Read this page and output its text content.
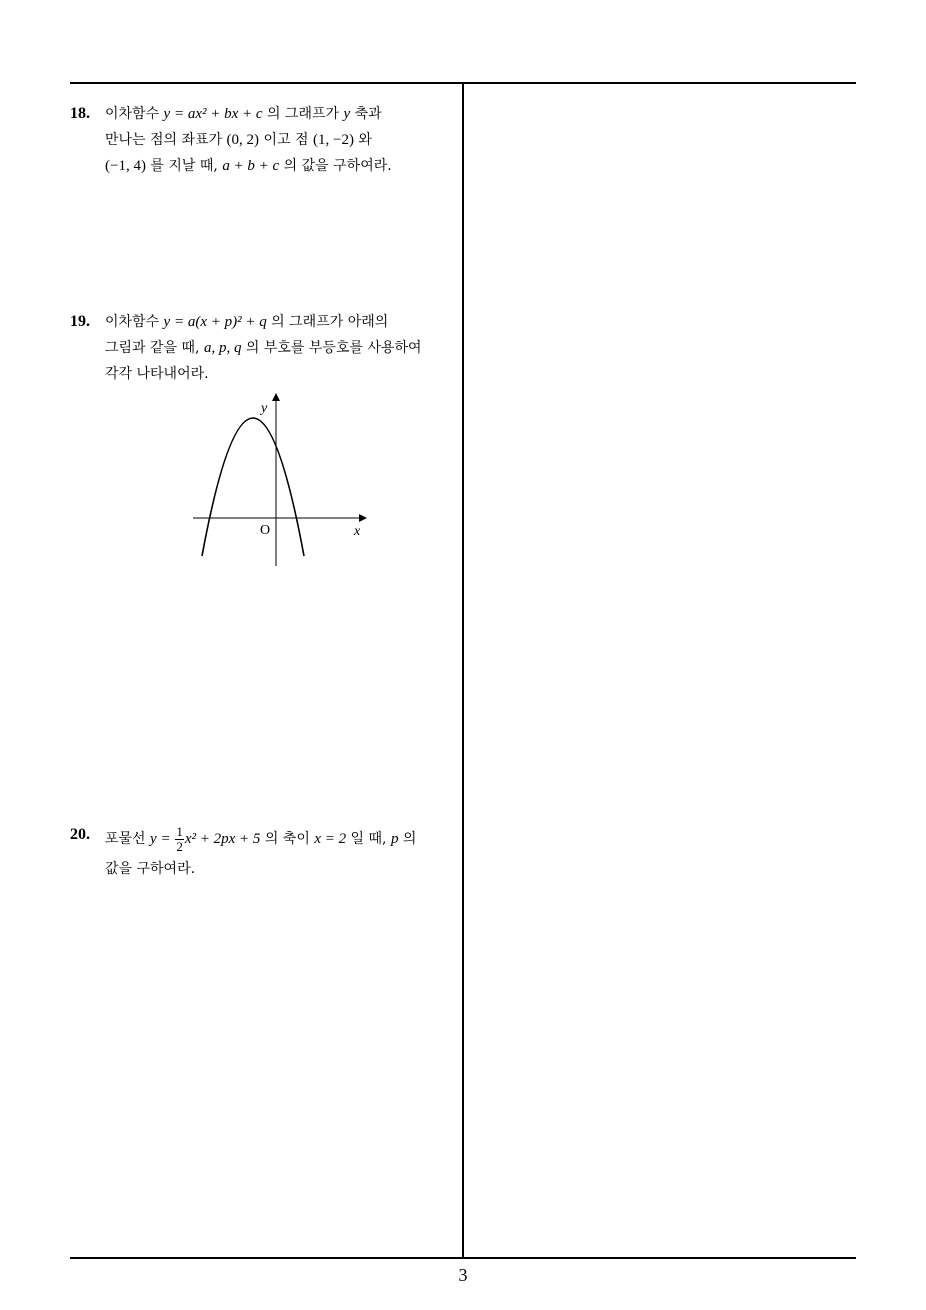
18. 이차함수 y = ax² + bx + c 의 그래프가 y 축과
만나는 점의 좌표가 (0, 2) 이고 점 (1, −2) 와
(−1, 4) 를 지날 때, a + b + c 의 값을 구하여라.
19. 이차함수 y = a(x + p)² + q 의 그래프가 아래의
그림과 같을 때, a, p, q 의 부호를 부등호를 사용하여
각각 나타내어라.
y
x
O
20. 포물선 $y = \frac{1}{2} x^2 + 2px + 5$ 의 축이 x = 2 일 때, p 의
값을 구하여라.
3
